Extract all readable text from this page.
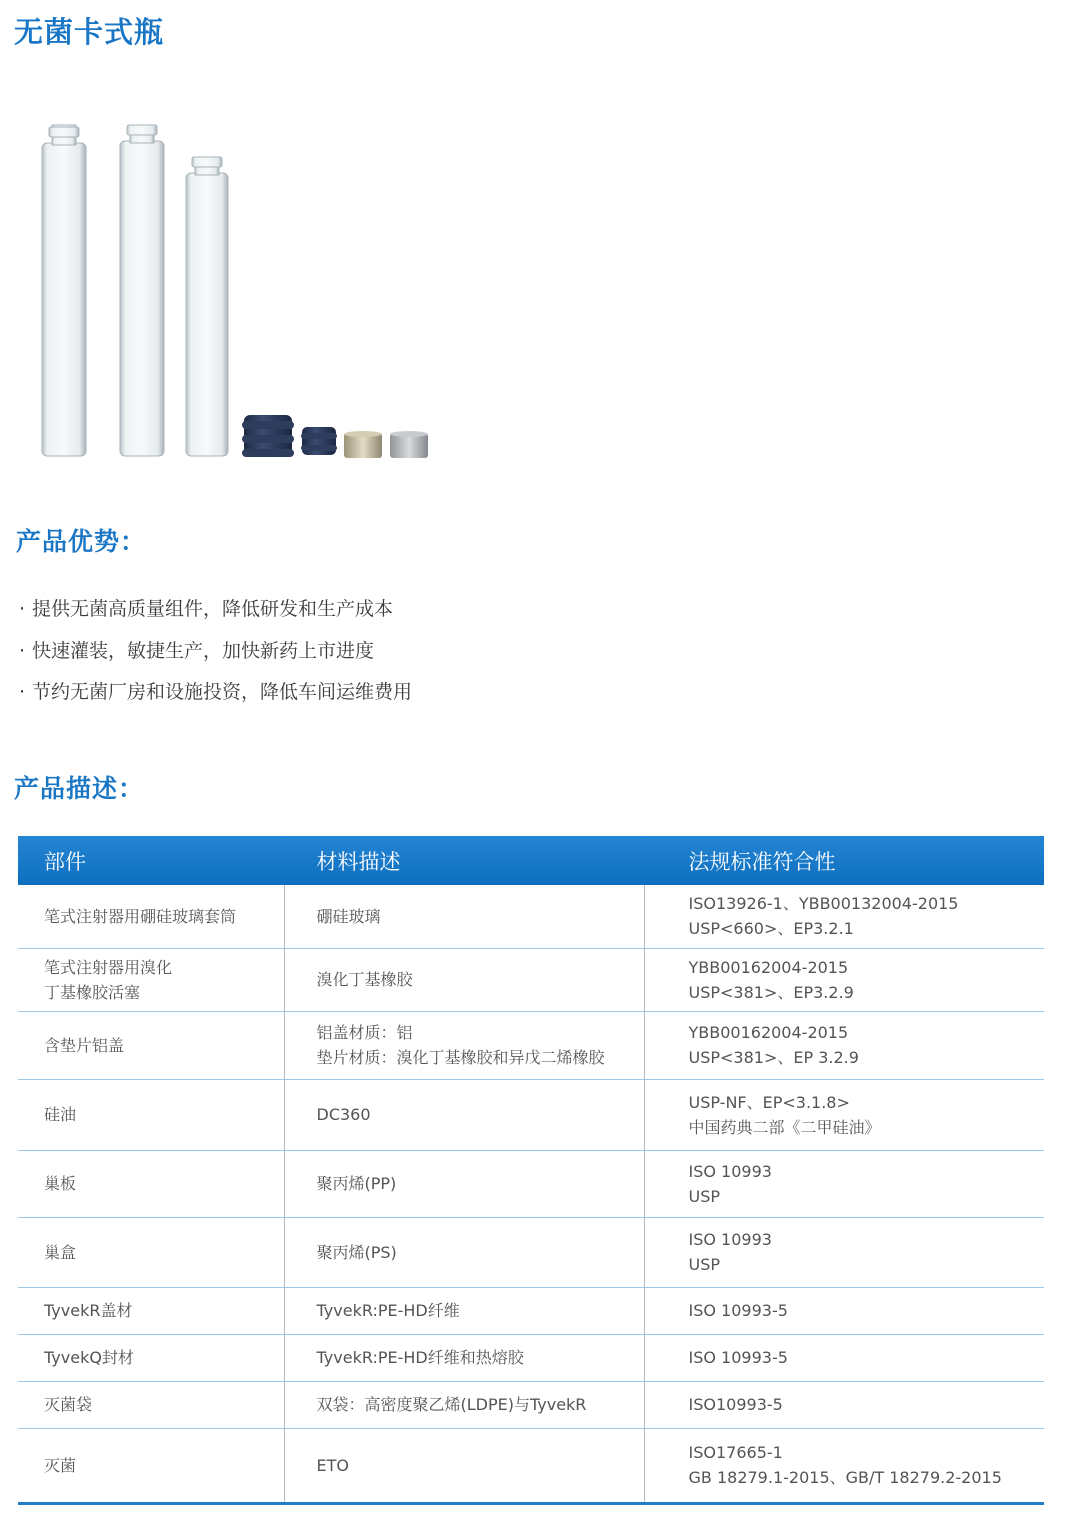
无菌卡式瓶
产品优势：
· 提供无菌高质量组件，降低研发和生产成本
· 快速灌装，敏捷生产，加快新药上市进度
· 节约无菌厂房和设施投资，降低车间运维费用
产品描述：
部件	材料描述	法规标准符合性

笔式注射器用硼硅玻璃套筒	硼硅玻璃	ISO13926-1、YBB00132004-2015
USP<660>、EP3.2.1

笔式注射器用溴化
丁基橡胶活塞	溴化丁基橡胶	YBB00162004-2015
USP<381>、EP3.2.9

含垫片铝盖	铝盖材质：铝
垫片材质：溴化丁基橡胶和异戊二烯橡胶	YBB00162004-2015
USP<381>、EP 3.2.9

硅油	DC360	USP-NF、EP<3.1.8>
中国药典二部《二甲硅油》

巢板	聚丙烯(PP)	ISO 10993
USP

巢盒	聚丙烯(PS)	ISO 10993
USP

TyvekR盖材	TyvekR:PE-HD纤维	ISO 10993-5

TyvekQ封材	TyvekR:PE-HD纤维和热熔胶	ISO 10993-5

灭菌袋	双袋：高密度聚乙烯(LDPE)与TyvekR	ISO10993-5

灭菌	ETO	ISO17665-1
GB 18279.1-2015、GB/T 18279.2-2015
